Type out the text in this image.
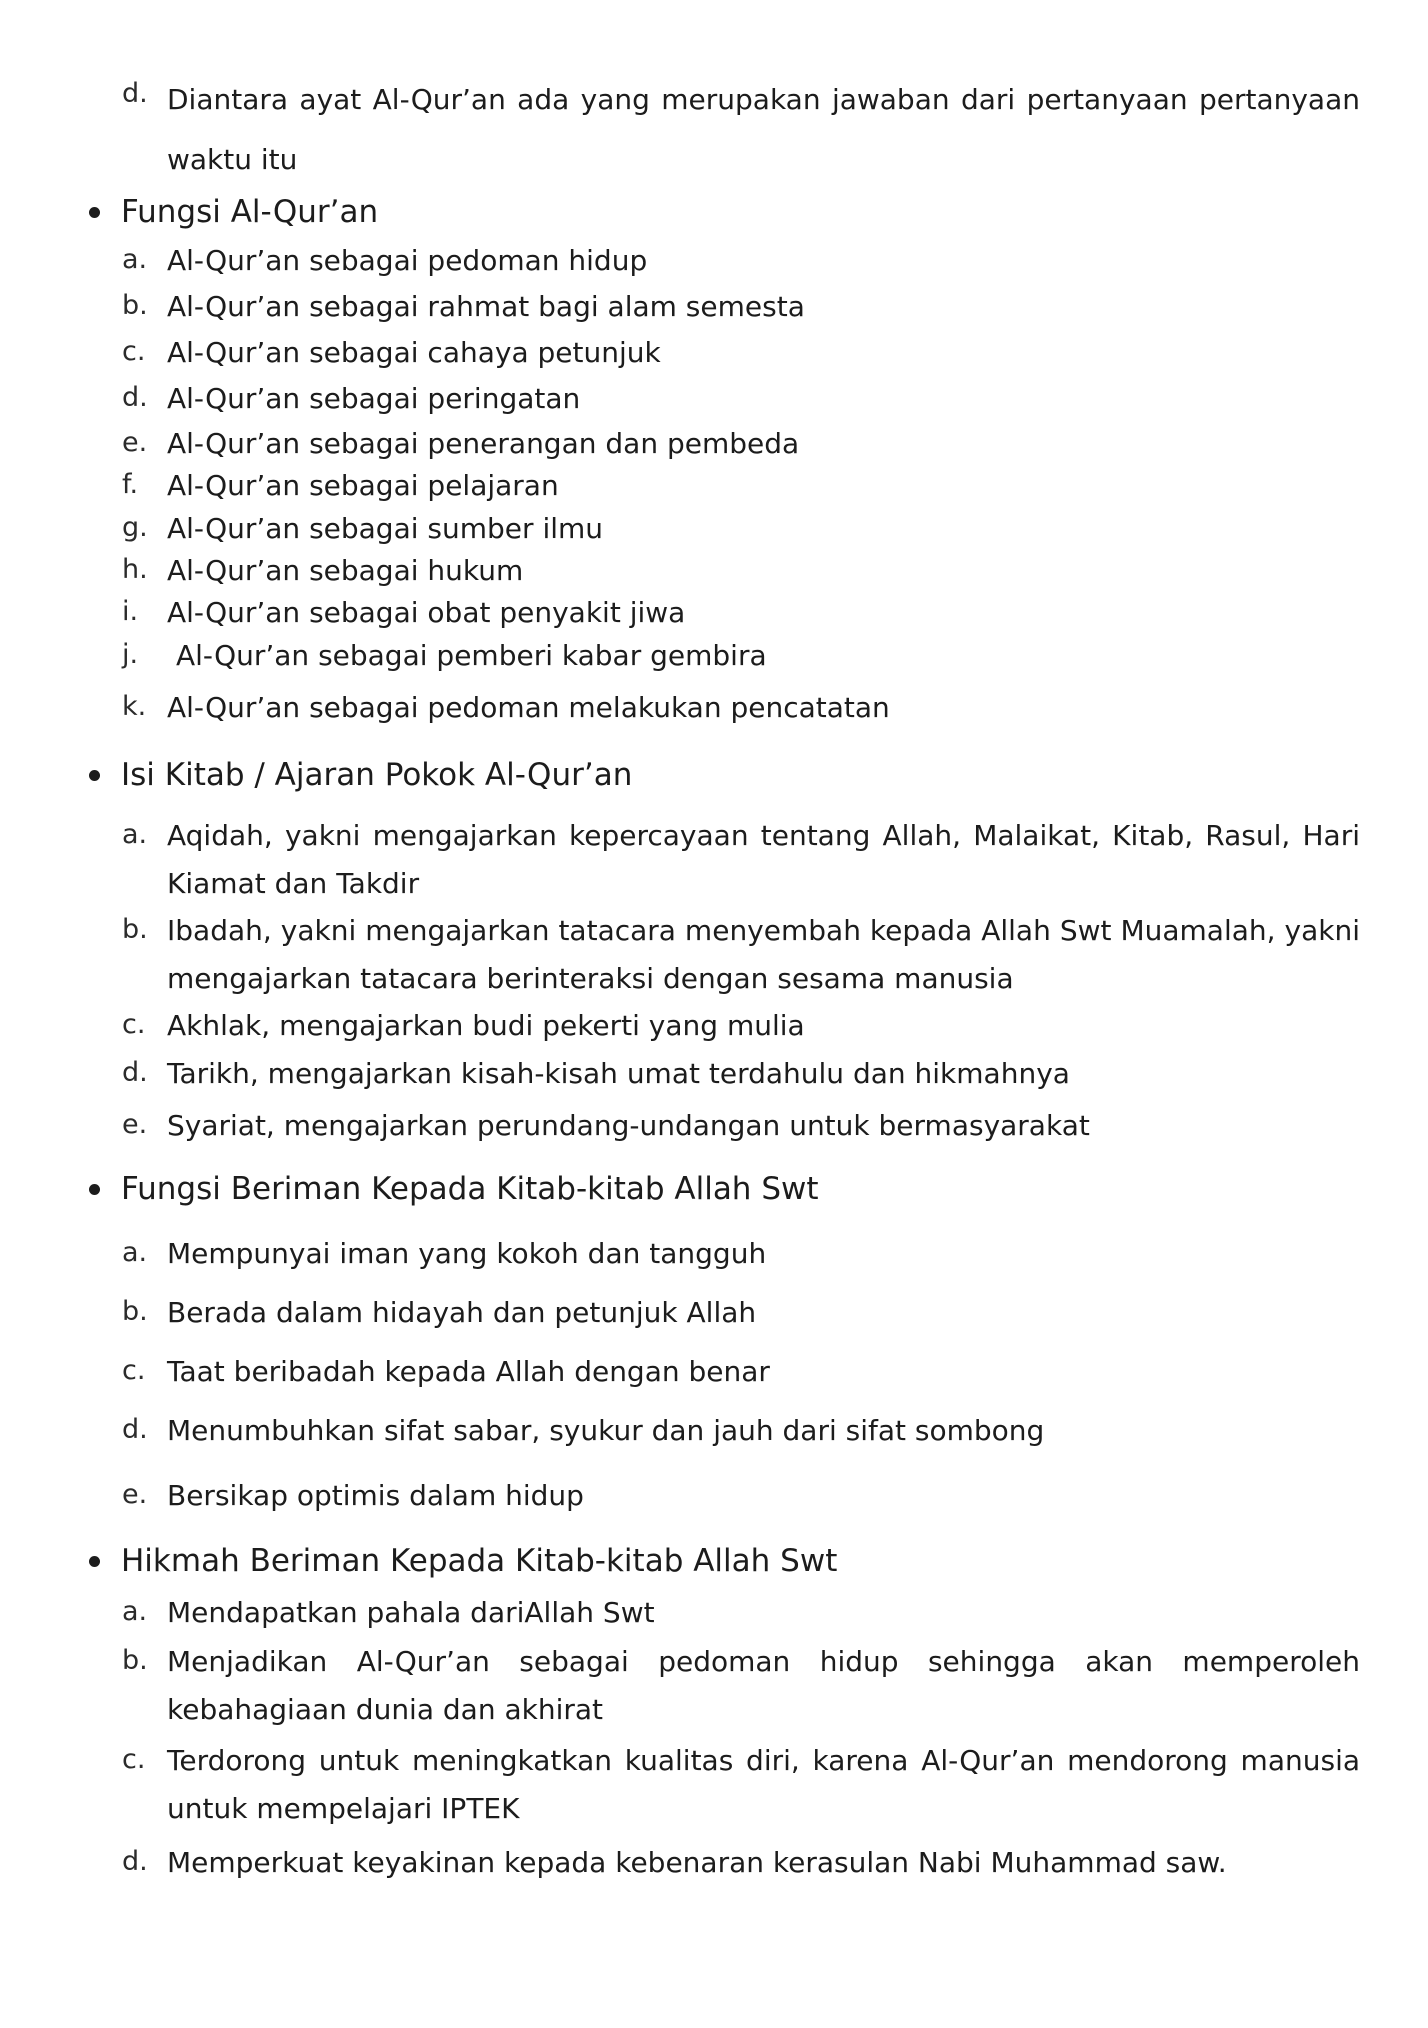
d. Diantara ayat Al-Qur’an ada yang merupakan jawaban dari pertanyaan pertanyaan waktu itu
Fungsi Al-Qur’an
a. Al-Qur’an sebagai pedoman hidup
b. Al-Qur’an sebagai rahmat bagi alam semesta
c. Al-Qur’an sebagai cahaya petunjuk
d. Al-Qur’an sebagai peringatan
e. Al-Qur’an sebagai penerangan dan pembeda
f. Al-Qur’an sebagai pelajaran
g. Al-Qur’an sebagai sumber ilmu
h. Al-Qur’an sebagai hukum
i. Al-Qur’an sebagai obat penyakit jiwa
j. Al-Qur’an sebagai pemberi kabar gembira
k. Al-Qur’an sebagai pedoman melakukan pencatatan
Isi Kitab / Ajaran Pokok Al-Qur’an
a. Aqidah, yakni mengajarkan kepercayaan tentang Allah, Malaikat, Kitab, Rasul, Hari Kiamat dan Takdir
b. Ibadah, yakni mengajarkan tatacara menyembah kepada Allah Swt Muamalah, yakni mengajarkan tatacara berinteraksi dengan sesama manusia
c. Akhlak, mengajarkan budi pekerti yang mulia
d. Tarikh, mengajarkan kisah-kisah umat terdahulu dan hikmahnya
e. Syariat, mengajarkan perundang-undangan untuk bermasyarakat
Fungsi Beriman Kepada Kitab-kitab Allah Swt
a. Mempunyai iman yang kokoh dan tangguh
b. Berada dalam hidayah dan petunjuk Allah
c. Taat beribadah kepada Allah dengan benar
d. Menumbuhkan sifat sabar, syukur dan jauh dari sifat sombong
e. Bersikap optimis dalam hidup
Hikmah Beriman Kepada Kitab-kitab Allah Swt
a. Mendapatkan pahala dariAllah Swt
b. Menjadikan Al-Qur’an sebagai pedoman hidup sehingga akan memperoleh kebahagiaan dunia dan akhirat
c. Terdorong untuk meningkatkan kualitas diri, karena Al-Qur’an mendorong manusia untuk mempelajari IPTEK
d. Memperkuat keyakinan kepada kebenaran kerasulan Nabi Muhammad saw.
